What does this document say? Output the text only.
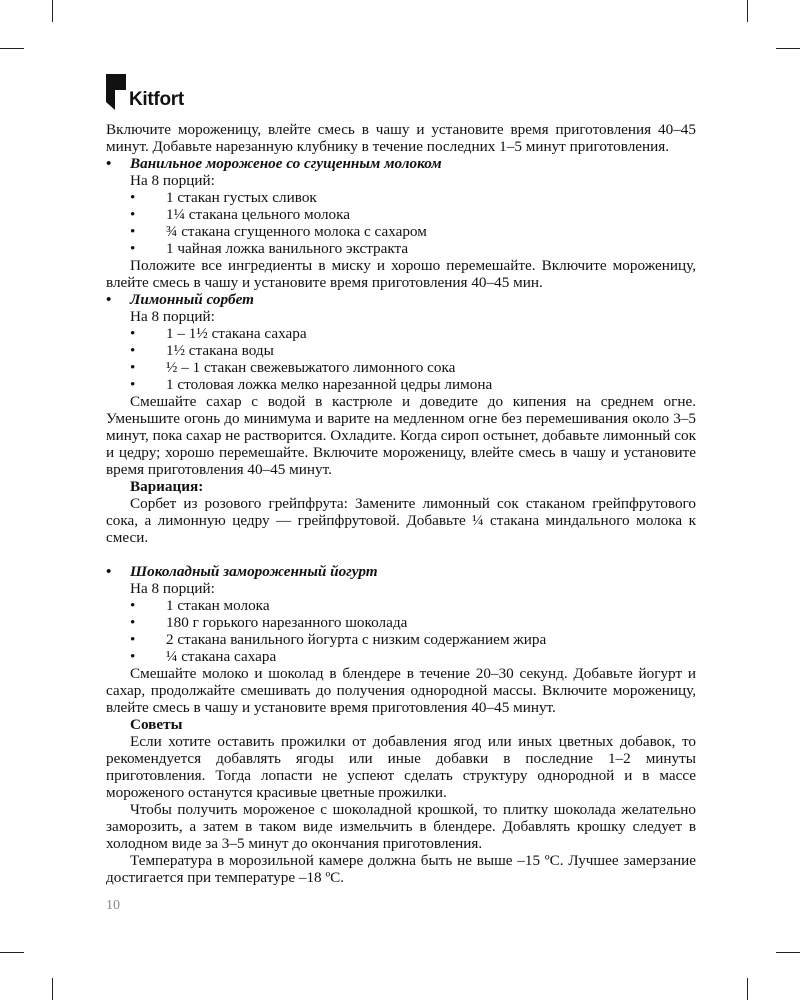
Kitfort

Включите мороженицу, влейте смесь в чашу и установите время приготовления 40–45 минут. Добавьте нарезанную клубнику в течение последних 1–5 минут приготовления.

• Ванильное мороженое со сгущенным молоком
На 8 порций:
• 1 стакан густых сливок
• 1¼ стакана цельного молока
• ¾ стакана сгущенного молока с сахаром
• 1 чайная ложка ванильного экстракта

Положите все ингредиенты в миску и хорошо перемешайте. Включите мороженицу, влейте смесь в чашу и установите время приготовления 40–45 мин.

• Лимонный сорбет
На 8 порций:
• 1 – 1½ стакана сахара
• 1½ стакана воды
• ½ – 1 стакан свежевыжатого лимонного сока
• 1 столовая ложка мелко нарезанной цедры лимона

Смешайте сахар с водой в кастрюле и доведите до кипения на среднем огне. Уменьшите огонь до минимума и варите на медленном огне без перемешивания около 3–5 минут, пока сахар не растворится. Охладите. Когда сироп остынет, добавьте лимонный сок и цедру; хорошо перемешайте. Включите мороженицу, влейте смесь в чашу и установите время приготовления 40–45 минут.

Вариация:

Сорбет из розового грейпфрута: Замените лимонный сок стаканом грейпфрутового сока, а лимонную цедру — грейпфрутовой. Добавьте ¼ стакана миндального молока к смеси.

• Шоколадный замороженный йогурт
На 8 порций:
• 1 стакан молока
• 180 г горького нарезанного шоколада
• 2 стакана ванильного йогурта с низким содержанием жира
• ¼ стакана сахара

Смешайте молоко и шоколад в блендере в течение 20–30 секунд. Добавьте йогурт и сахар, продолжайте смешивать до получения однородной массы. Включите мороженицу, влейте смесь в чашу и установите время приготовления 40–45 минут.

Советы

Если хотите оставить прожилки от добавления ягод или иных цветных добавок, то рекомендуется добавлять ягоды или иные добавки в последние 1–2 минуты приготовления. Тогда лопасти не успеют сделать структуру однородной и в массе мороженого останутся красивые цветные прожилки.

Чтобы получить мороженое с шоколадной крошкой, то плитку шоколада желательно заморозить, а затем в таком виде измельчить в блендере. Добавлять крошку следует в холодном виде за 3–5 минут до окончания приготовления.

Температура в морозильной камере должна быть не выше –15 ºС. Лучшее замерзание достигается при температуре –18 ºС.

10
